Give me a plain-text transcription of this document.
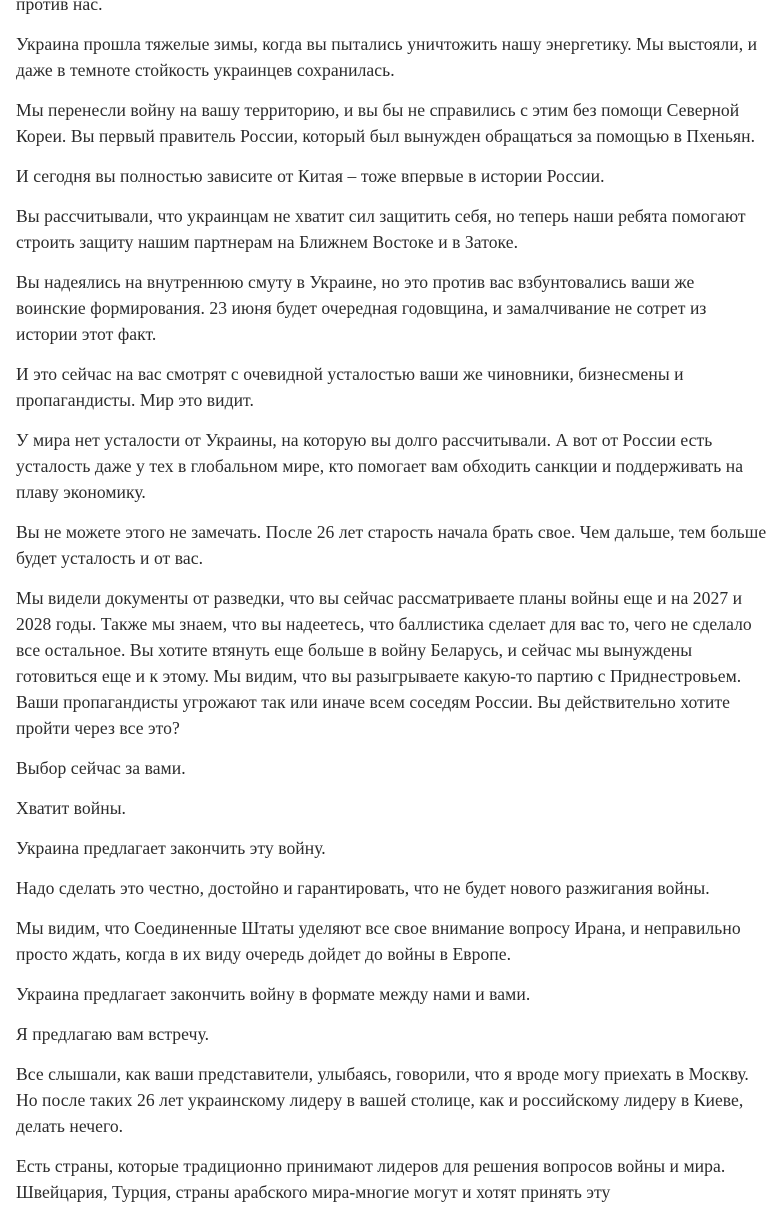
против нас.

Украина прошла тяжелые зимы, когда вы пытались уничтожить нашу энергетику. Мы выстояли, и даже в темноте стойкость украинцев сохранилась.

Мы перенесли войну на вашу территорию, и вы бы не справились с этим без помощи Северной Кореи. Вы первый правитель России, который был вынужден обращаться за помощью в Пхеньян.

И сегодня вы полностью зависите от Китая – тоже впервые в истории России.

Вы рассчитывали, что украинцам не хватит сил защитить себя, но теперь наши ребята помогают строить защиту нашим партнерам на Ближнем Востоке и в Затоке.

Вы надеялись на внутреннюю смуту в Украине, но это против вас взбунтовались ваши же воинские формирования. 23 июня будет очередная годовщина, и замалчивание не сотрет из истории этот факт.

И это сейчас на вас смотрят с очевидной усталостью ваши же чиновники, бизнесмены и пропагандисты. Мир это видит.

У мира нет усталости от Украины, на которую вы долго рассчитывали. А вот от России есть усталость даже у тех в глобальном мире, кто помогает вам обходить санкции и поддерживать на плаву экономику.

Вы не можете этого не замечать. После 26 лет старость начала брать свое. Чем дальше, тем больше будет усталость и от вас.

Мы видели документы от разведки, что вы сейчас рассматриваете планы войны еще и на 2027 и 2028 годы. Также мы знаем, что вы надеетесь, что баллистика сделает для вас то, чего не сделало все остальное. Вы хотите втянуть еще больше в войну Беларусь, и сейчас мы вынуждены готовиться еще и к этому. Мы видим, что вы разыгрываете какую-то партию с Приднестровьем. Ваши пропагандисты угрожают так или иначе всем соседям России. Вы действительно хотите пройти через все это?

Выбор сейчас за вами.

Хватит войны.

Украина предлагает закончить эту войну.

Надо сделать это честно, достойно и гарантировать, что не будет нового разжигания войны.

Мы видим, что Соединенные Штаты уделяют все свое внимание вопросу Ирана, и неправильно просто ждать, когда в их виду очередь дойдет до войны в Европе.

Украина предлагает закончить войну в формате между нами и вами.

Я предлагаю вам встречу.

Все слышали, как ваши представители, улыбаясь, говорили, что я вроде могу приехать в Москву. Но после таких 26 лет украинскому лидеру в вашей столице, как и российскому лидеру в Киеве, делать нечего.

Есть страны, которые традиционно принимают лидеров для решения вопросов войны и мира. Швейцария, Турция, страны арабского мира-многие могут и хотят принять эту
